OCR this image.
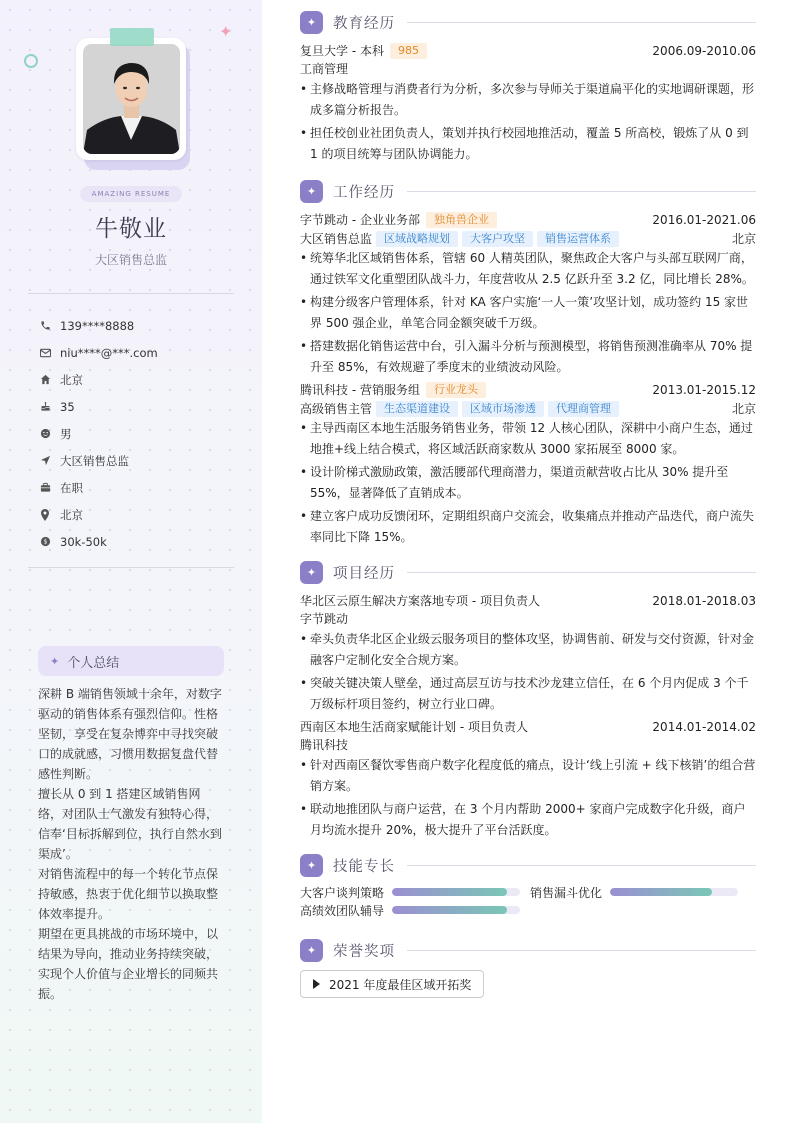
✦
AMAZING RESUME
牛敬业
大区销售总监
139****8888
niu****@***.com
北京
35
男
大区销售总监
在职
北京
$ 30k-50k
✦ 个人总结

深耕 B 端销售领域十余年，对数字驱动的销售体系有强烈信仰。性格坚韧，享受在复杂博弈中寻找突破口的成就感，习惯用数据复盘代替感性判断。

擅长从 0 到 1 搭建区域销售网络，对团队士气激发有独特心得，信奉‘目标拆解到位，执行自然水到渠成’。

对销售流程中的每一个转化节点保持敏感，热衷于优化细节以换取整体效率提升。

期望在更具挑战的市场环境中，以结果为导向，推动业务持续突破，实现个人价值与企业增长的同频共振。

✦	教育经历
复旦大学 - 本科	985	2006.09-2010.06
工商管理
• 主修战略管理与消费者行为分析，多次参与导师关于渠道扁平化的实地调研课题，形成多篇分析报告。
• 担任校创业社团负责人，策划并执行校园地推活动，覆盖 5 所高校，锻炼了从 0 到 1 的项目统筹与团队协调能力。
✦	工作经历
字节跳动 - 企业业务部	独角兽企业	2016.01-2021.06
大区销售总监	区域战略规划	大客户攻坚	销售运营体系	北京
• 统筹华北区域销售体系，管辖 60 人精英团队，聚焦政企大客户与头部互联网厂商，通过铁军文化重塑团队战斗力，年度营收从 2.5 亿跃升至 3.2 亿，同比增长 28%。
• 构建分级客户管理体系，针对 KA 客户实施‘一人一策’攻坚计划，成功签约 15 家世界 500 强企业，单笔合同金额突破千万级。
• 搭建数据化销售运营中台，引入漏斗分析与预测模型，将销售预测准确率从 70% 提升至 85%，有效规避了季度末的业绩波动风险。
腾讯科技 - 营销服务组	行业龙头	2013.01-2015.12
高级销售主管	生态渠道建设	区域市场渗透	代理商管理	北京
• 主导西南区本地生活服务销售业务，带领 12 人核心团队，深耕中小商户生态，通过地推+线上结合模式，将区域活跃商家数从 3000 家拓展至 8000 家。
• 设计阶梯式激励政策，激活腰部代理商潜力，渠道贡献营收占比从 30% 提升至 55%，显著降低了直销成本。
• 建立客户成功反馈闭环，定期组织商户交流会，收集痛点并推动产品迭代，商户流失率同比下降 15%。
✦	项目经历
华北区云原生解决方案落地专项 - 项目负责人	2018.01-2018.03
字节跳动
• 牵头负责华北区企业级云服务项目的整体攻坚，协调售前、研发与交付资源，针对金融客户定制化安全合规方案。
• 突破关键决策人壁垒，通过高层互访与技术沙龙建立信任，在 6 个月内促成 3 个千万级标杆项目签约，树立行业口碑。
西南区本地生活商家赋能计划 - 项目负责人	2014.01-2014.02
腾讯科技
• 针对西南区餐饮零售商户数字化程度低的痛点，设计‘线上引流 + 线下核销’的组合营销方案。
• 联动地推团队与商户运营，在 3 个月内帮助 2000+ 家商户完成数字化升级，商户月均流水提升 20%，极大提升了平台活跃度。
✦	技能专长
大客户谈判策略	销售漏斗优化
高绩效团队辅导
✦	荣誉奖项
2021 年度最佳区域开拓奖
